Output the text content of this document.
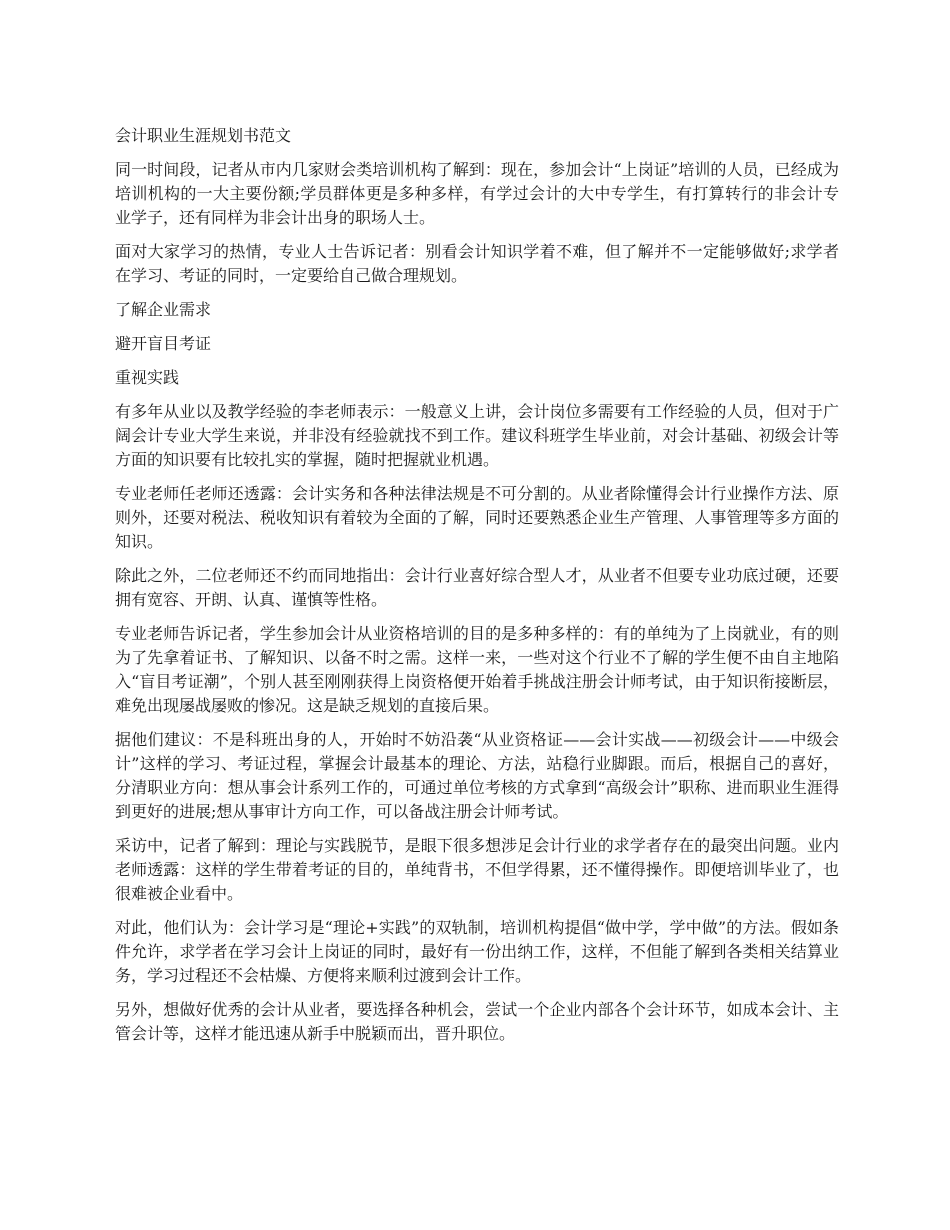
会计职业生涯规划书范文

同一时间段，记者从市内几家财会类培训机构了解到：现在，参加会计“上岗证”培训的人员，已经成为培训机构的一大主要份额;学员群体更是多种多样，有学过会计的大中专学生，有打算转行的非会计专业学子，还有同样为非会计出身的职场人士。

面对大家学习的热情，专业人士告诉记者：别看会计知识学着不难，但了解并不一定能够做好;求学者在学习、考证的同时，一定要给自己做合理规划。

了解企业需求

避开盲目考证

重视实践

有多年从业以及教学经验的李老师表示：一般意义上讲，会计岗位多需要有工作经验的人员，但对于广阔会计专业大学生来说，并非没有经验就找不到工作。建议科班学生毕业前，对会计基础、初级会计等方面的知识要有比较扎实的掌握，随时把握就业机遇。

专业老师任老师还透露：会计实务和各种法律法规是不可分割的。从业者除懂得会计行业操作方法、原则外，还要对税法、税收知识有着较为全面的了解，同时还要熟悉企业生产管理、人事管理等多方面的知识。

除此之外，二位老师还不约而同地指出：会计行业喜好综合型人才，从业者不但要专业功底过硬，还要拥有宽容、开朗、认真、谨慎等性格。

专业老师告诉记者，学生参加会计从业资格培训的目的是多种多样的：有的单纯为了上岗就业，有的则为了先拿着证书、了解知识、以备不时之需。这样一来，一些对这个行业不了解的学生便不由自主地陷入“盲目考证潮”，个别人甚至刚刚获得上岗资格便开始着手挑战注册会计师考试，由于知识衔接断层，难免出现屡战屡败的惨况。这是缺乏规划的直接后果。

据他们建议：不是科班出身的人，开始时不妨沿袭“从业资格证——会计实战——初级会计——中级会计”这样的学习、考证过程，掌握会计最基本的理论、方法，站稳行业脚跟。而后，根据自己的喜好，分清职业方向：想从事会计系列工作的，可通过单位考核的方式拿到“高级会计”职称、进而职业生涯得到更好的进展;想从事审计方向工作，可以备战注册会计师考试。

采访中，记者了解到：理论与实践脱节，是眼下很多想涉足会计行业的求学者存在的最突出问题。业内老师透露：这样的学生带着考证的目的，单纯背书，不但学得累，还不懂得操作。即便培训毕业了，也很难被企业看中。

对此，他们认为：会计学习是“理论+实践”的双轨制，培训机构提倡“做中学，学中做”的方法。假如条件允许，求学者在学习会计上岗证的同时，最好有一份出纳工作，这样，不但能了解到各类相关结算业务，学习过程还不会枯燥、方便将来顺利过渡到会计工作。

另外，想做好优秀的会计从业者，要选择各种机会，尝试一个企业内部各个会计环节，如成本会计、主管会计等，这样才能迅速从新手中脱颖而出，晋升职位。
